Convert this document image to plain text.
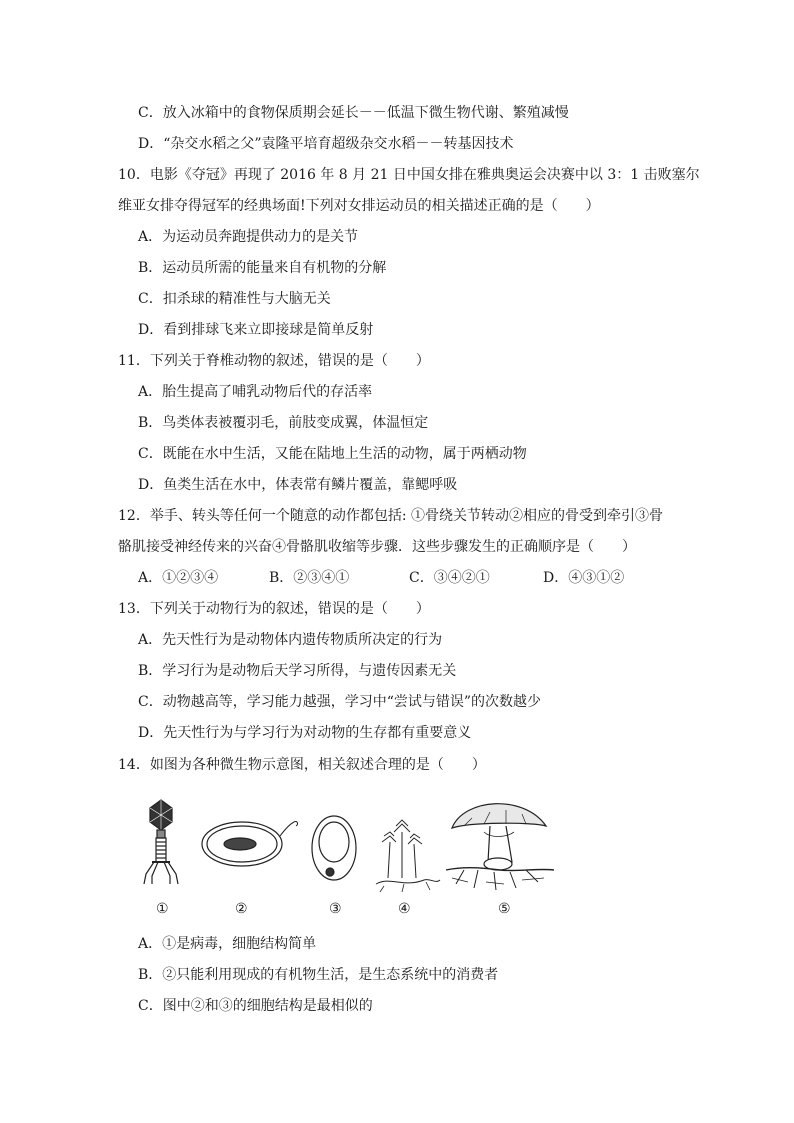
C．放入冰箱中的食物保质期会延长－－低温下微生物代谢、繁殖减慢
D．“杂交水稻之父”袁隆平培育超级杂交水稻－－转基因技术
10．电影《夺冠》再现了 2016 年 8 月 21 日中国女排在雅典奥运会决赛中以 3：1 击败塞尔
维亚女排夺得冠军的经典场面!下列对女排运动员的相关描述正确的是（　　）
A．为运动员奔跑提供动力的是关节
B．运动员所需的能量来自有机物的分解
C．扣杀球的精准性与大脑无关
D．看到排球飞来立即接球是简单反射
11．下列关于脊椎动物的叙述，错误的是（　　）
A．胎生提高了哺乳动物后代的存活率
B．鸟类体表被覆羽毛，前肢变成翼，体温恒定
C．既能在水中生活，又能在陆地上生活的动物，属于两栖动物
D．鱼类生活在水中，体表常有鳞片覆盖，靠鳃呼吸
12．举手、转头等任何一个随意的动作都包括: ①骨绕关节转动②相应的骨受到牵引③骨
骼肌接受神经传来的兴奋④骨骼肌收缩等步骤．这些步骤发生的正确顺序是（　　）
A．①②③④	B．②③④①	C．③④②①	D．④③①②
13．下列关于动物行为的叙述，错误的是（　　）
A．先天性行为是动物体内遗传物质所决定的行为
B．学习行为是动物后天学习所得，与遗传因素无关
C．动物越高等，学习能力越强，学习中“尝试与错误”的次数越少
D．先天性行为与学习行为对动物的生存都有重要意义
14．如图为各种微生物示意图，相关叙述合理的是（　　）
①	②	③	④	⑤
A．①是病毒，细胞结构简单
B．②只能利用现成的有机物生活，是生态系统中的消费者
C．图中②和③的细胞结构是最相似的
